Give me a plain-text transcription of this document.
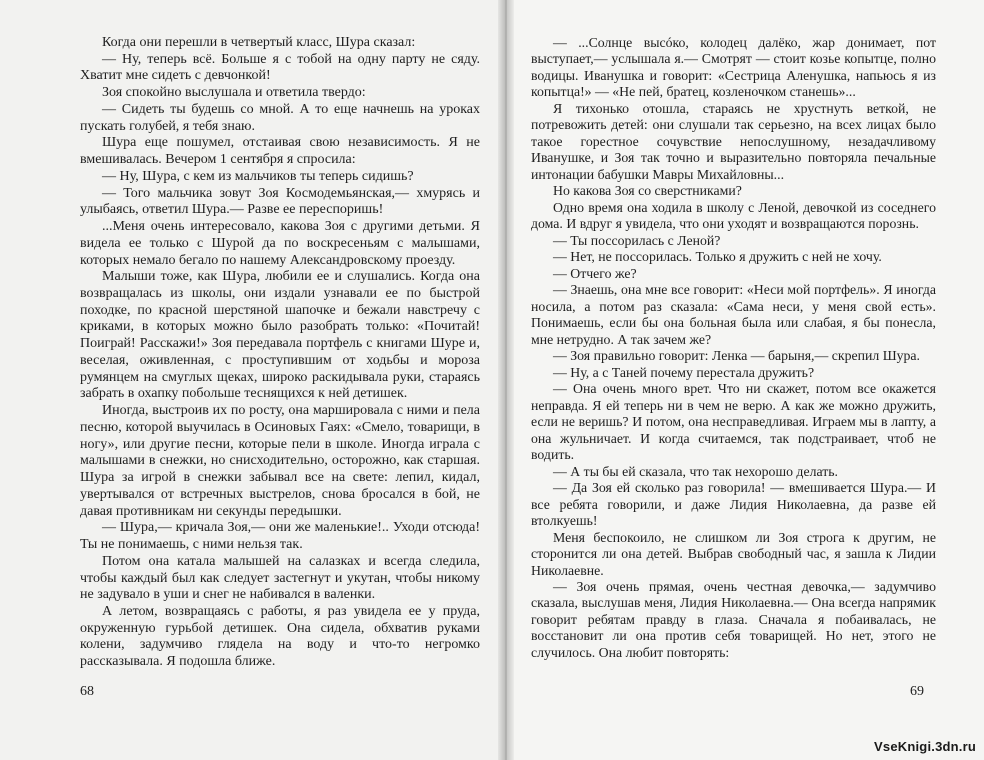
Когда они перешли в четвертый класс, Шура сказал:

— Ну, теперь всё. Больше я с тобой на одну парту не сяду. Хватит мне сидеть с девчонкой!

Зоя спокойно выслушала и ответила твердо:

— Сидеть ты будешь со мной. А то еще начнешь на уроках пускать голубей, я тебя знаю.

Шура еще пошумел, отстаивая свою независимость. Я не вмешивалась. Вечером 1 сентября я спросила:

— Ну, Шура, с кем из мальчиков ты теперь сидишь?

— Того мальчика зовут Зоя Космодемьянская,— хмурясь и улыбаясь, ответил Шура.— Разве ее переспоришь!

...Меня очень интересовало, какова Зоя с другими детьми. Я видела ее только с Шурой да по воскресеньям с малышами, которых немало бегало по нашему Александровскому проезду.

Малыши тоже, как Шура, любили ее и слушались. Когда она возвращалась из школы, они издали узнавали ее по быстрой походке, по красной шерстяной шапочке и бежали навстречу с криками, в которых можно было разобрать только: «Почитай! Поиграй! Расскажи!» Зоя передавала портфель с книгами Шуре и, веселая, оживленная, с проступившим от ходьбы и мороза румянцем на смуглых щеках, широко раскидывала руки, стараясь забрать в охапку побольше теснящихся к ней детишек.

Иногда, выстроив их по росту, она маршировала с ними и пела песню, которой выучилась в Осиновых Гаях: «Смело, товарищи, в ногу», или другие песни, которые пели в школе. Иногда играла с малышами в снежки, но снисходительно, осторожно, как старшая. Шура за игрой в снежки забывал все на свете: лепил, кидал, увертывался от встречных выстрелов, снова бросался в бой, не давая противникам ни секунды передышки.

— Шура,— кричала Зоя,— они же маленькие!.. Уходи отсюда! Ты не понимаешь, с ними нельзя так.

Потом она катала малышей на салазках и всегда следила, чтобы каждый был как следует застегнут и укутан, чтобы никому не задувало в уши и снег не набивался в валенки.

А летом, возвращаясь с работы, я раз увидела ее у пруда, окруженную гурьбой детишек. Она сидела, обхватив руками колени, задумчиво глядела на воду и что-то негромко рассказывала. Я подошла ближе.

68

— ...Солнце высóко, колодец далёко, жар донимает, пот выступает,— услышала я.— Смотрят — стоит козье копытце, полно водицы. Иванушка и говорит: «Сестрица Аленушка, напьюсь я из копытца!» — «Не пей, братец, козленочком станешь»...

Я тихонько отошла, стараясь не хрустнуть веткой, не потревожить детей: они слушали так серьезно, на всех лицах было такое горестное сочувствие непослушному, незадачливому Иванушке, и Зоя так точно и выразительно повторяла печальные интонации бабушки Мавры Михайловны...

Но какова Зоя со сверстниками?

Одно время она ходила в школу с Леной, девочкой из соседнего дома. И вдруг я увидела, что они уходят и возвращаются порознь.

— Ты поссорилась с Леной?

— Нет, не поссорилась. Только я дружить с ней не хочу.

— Отчего же?

— Знаешь, она мне все говорит: «Неси мой портфель». Я иногда носила, а потом раз сказала: «Сама неси, у меня свой есть». Понимаешь, если бы она больная была или слабая, я бы понесла, мне нетрудно. А так зачем же?

— Зоя правильно говорит: Ленка — барыня,— скрепил Шура.

— Ну, а с Таней почему перестала дружить?

— Она очень много врет. Что ни скажет, потом все окажется неправда. Я ей теперь ни в чем не верю. А как же можно дружить, если не веришь? И потом, она несправедливая. Играем мы в лапту, а она жульничает. И когда считаемся, так подстраивает, чтоб не водить.

— А ты бы ей сказала, что так нехорошо делать.

— Да Зоя ей сколько раз говорила! — вмешивается Шура.— И все ребята говорили, и даже Лидия Николаевна, да разве ей втолкуешь!

Меня беспокоило, не слишком ли Зоя строга к другим, не сторонится ли она детей. Выбрав свободный час, я зашла к Лидии Николаевне.

— Зоя очень прямая, очень честная девочка,— задумчиво сказала, выслушав меня, Лидия Николаевна.— Она всегда напрямик говорит ребятам правду в глаза. Сначала я побаивалась, не восстановит ли она против себя товарищей. Но нет, этого не случилось. Она любит повторять:

69
VseKnigi.3dn.ru
